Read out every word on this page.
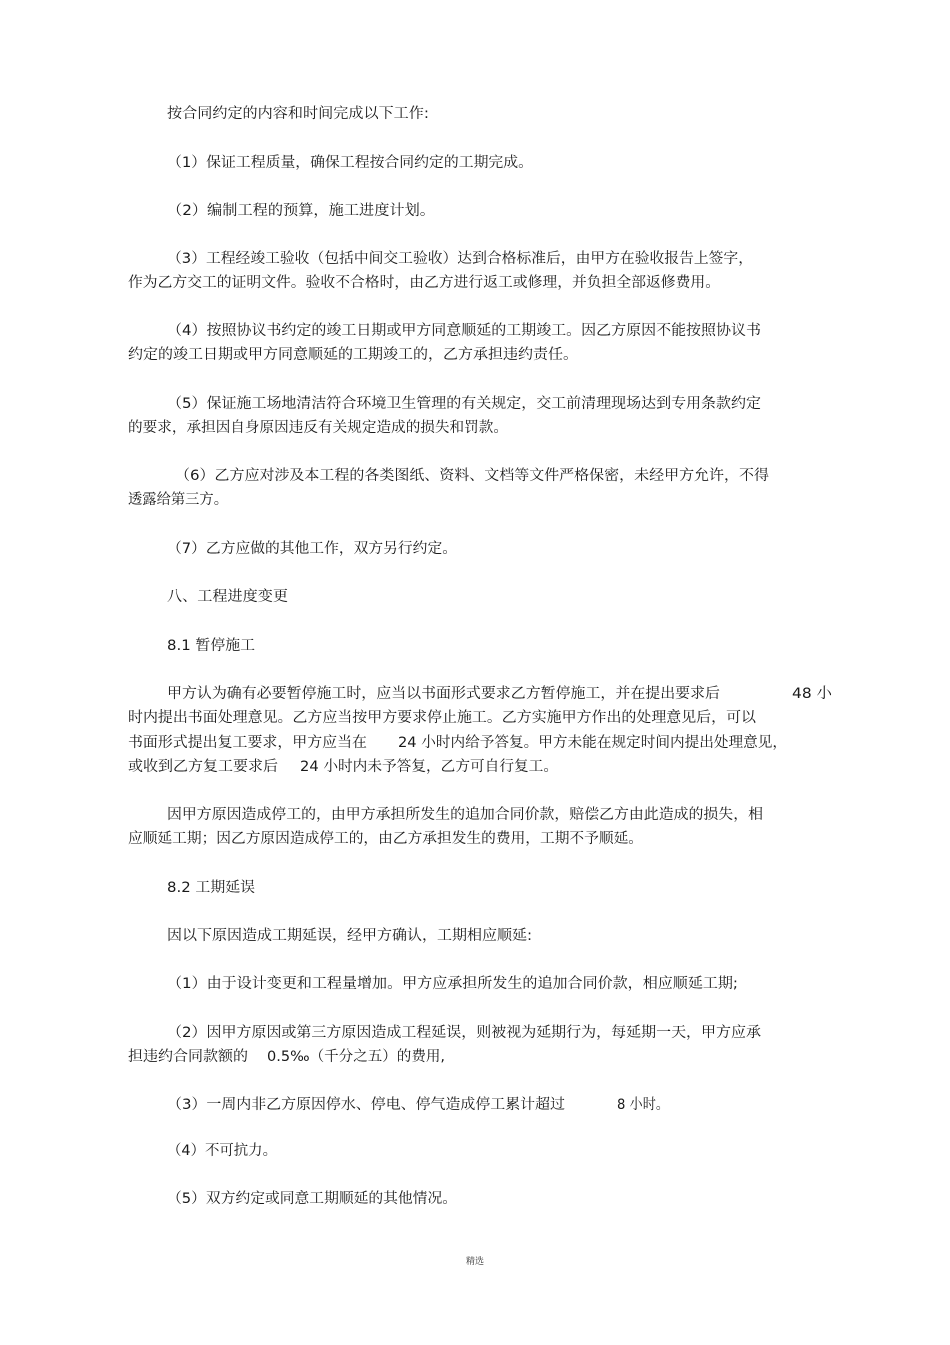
按合同约定的内容和时间完成以下工作:
（1）保证工程质量，确保工程按合同约定的工期完成。
（2）编制工程的预算，施工进度计划。
（3）工程经竣工验收（包括中间交工验收）达到合格标准后，由甲方在验收报告上签字，
作为乙方交工的证明文件。验收不合格时，由乙方进行返工或修理，并负担全部返修费用。
（4）按照协议书约定的竣工日期或甲方同意顺延的工期竣工。因乙方原因不能按照协议书
约定的竣工日期或甲方同意顺延的工期竣工的，乙方承担违约责任。
（5）保证施工场地清洁符合环境卫生管理的有关规定，交工前清理现场达到专用条款约定
的要求，承担因自身原因违反有关规定造成的损失和罚款。
（6）乙方应对涉及本工程的各类图纸、资料、文档等文件严格保密，未经甲方允许，不得
透露给第三方。
（7）乙方应做的其他工作，双方另行约定。
八、工程进度变更
8.1 暂停施工
甲方认为确有必要暂停施工时，应当以书面形式要求乙方暂停施工，并在提出要求后	48 小
时内提出书面处理意见。乙方应当按甲方要求停止施工。乙方实施甲方作出的处理意见后，可以
书面形式提出复工要求，甲方应当在 24 小时内给予答复。甲方未能在规定时间内提出处理意见，
或收到乙方复工要求后 24 小时内未予答复，乙方可自行复工。
因甲方原因造成停工的，由甲方承担所发生的追加合同价款，赔偿乙方由此造成的损失，相
应顺延工期；因乙方原因造成停工的，由乙方承担发生的费用，工期不予顺延。
8.2 工期延误
因以下原因造成工期延误，经甲方确认，工期相应顺延:
（1）由于设计变更和工程量增加。甲方应承担所发生的追加合同价款，相应顺延工期;
（2）因甲方原因或第三方原因造成工程延误，则被视为延期行为，每延期一天，甲方应承
担违约合同款额的 0.5‰（千分之五）的费用,
（3）一周内非乙方原因停水、停电、停气造成停工累计超过	8 小时。
（4）不可抗力。
（5）双方约定或同意工期顺延的其他情况。
精选
